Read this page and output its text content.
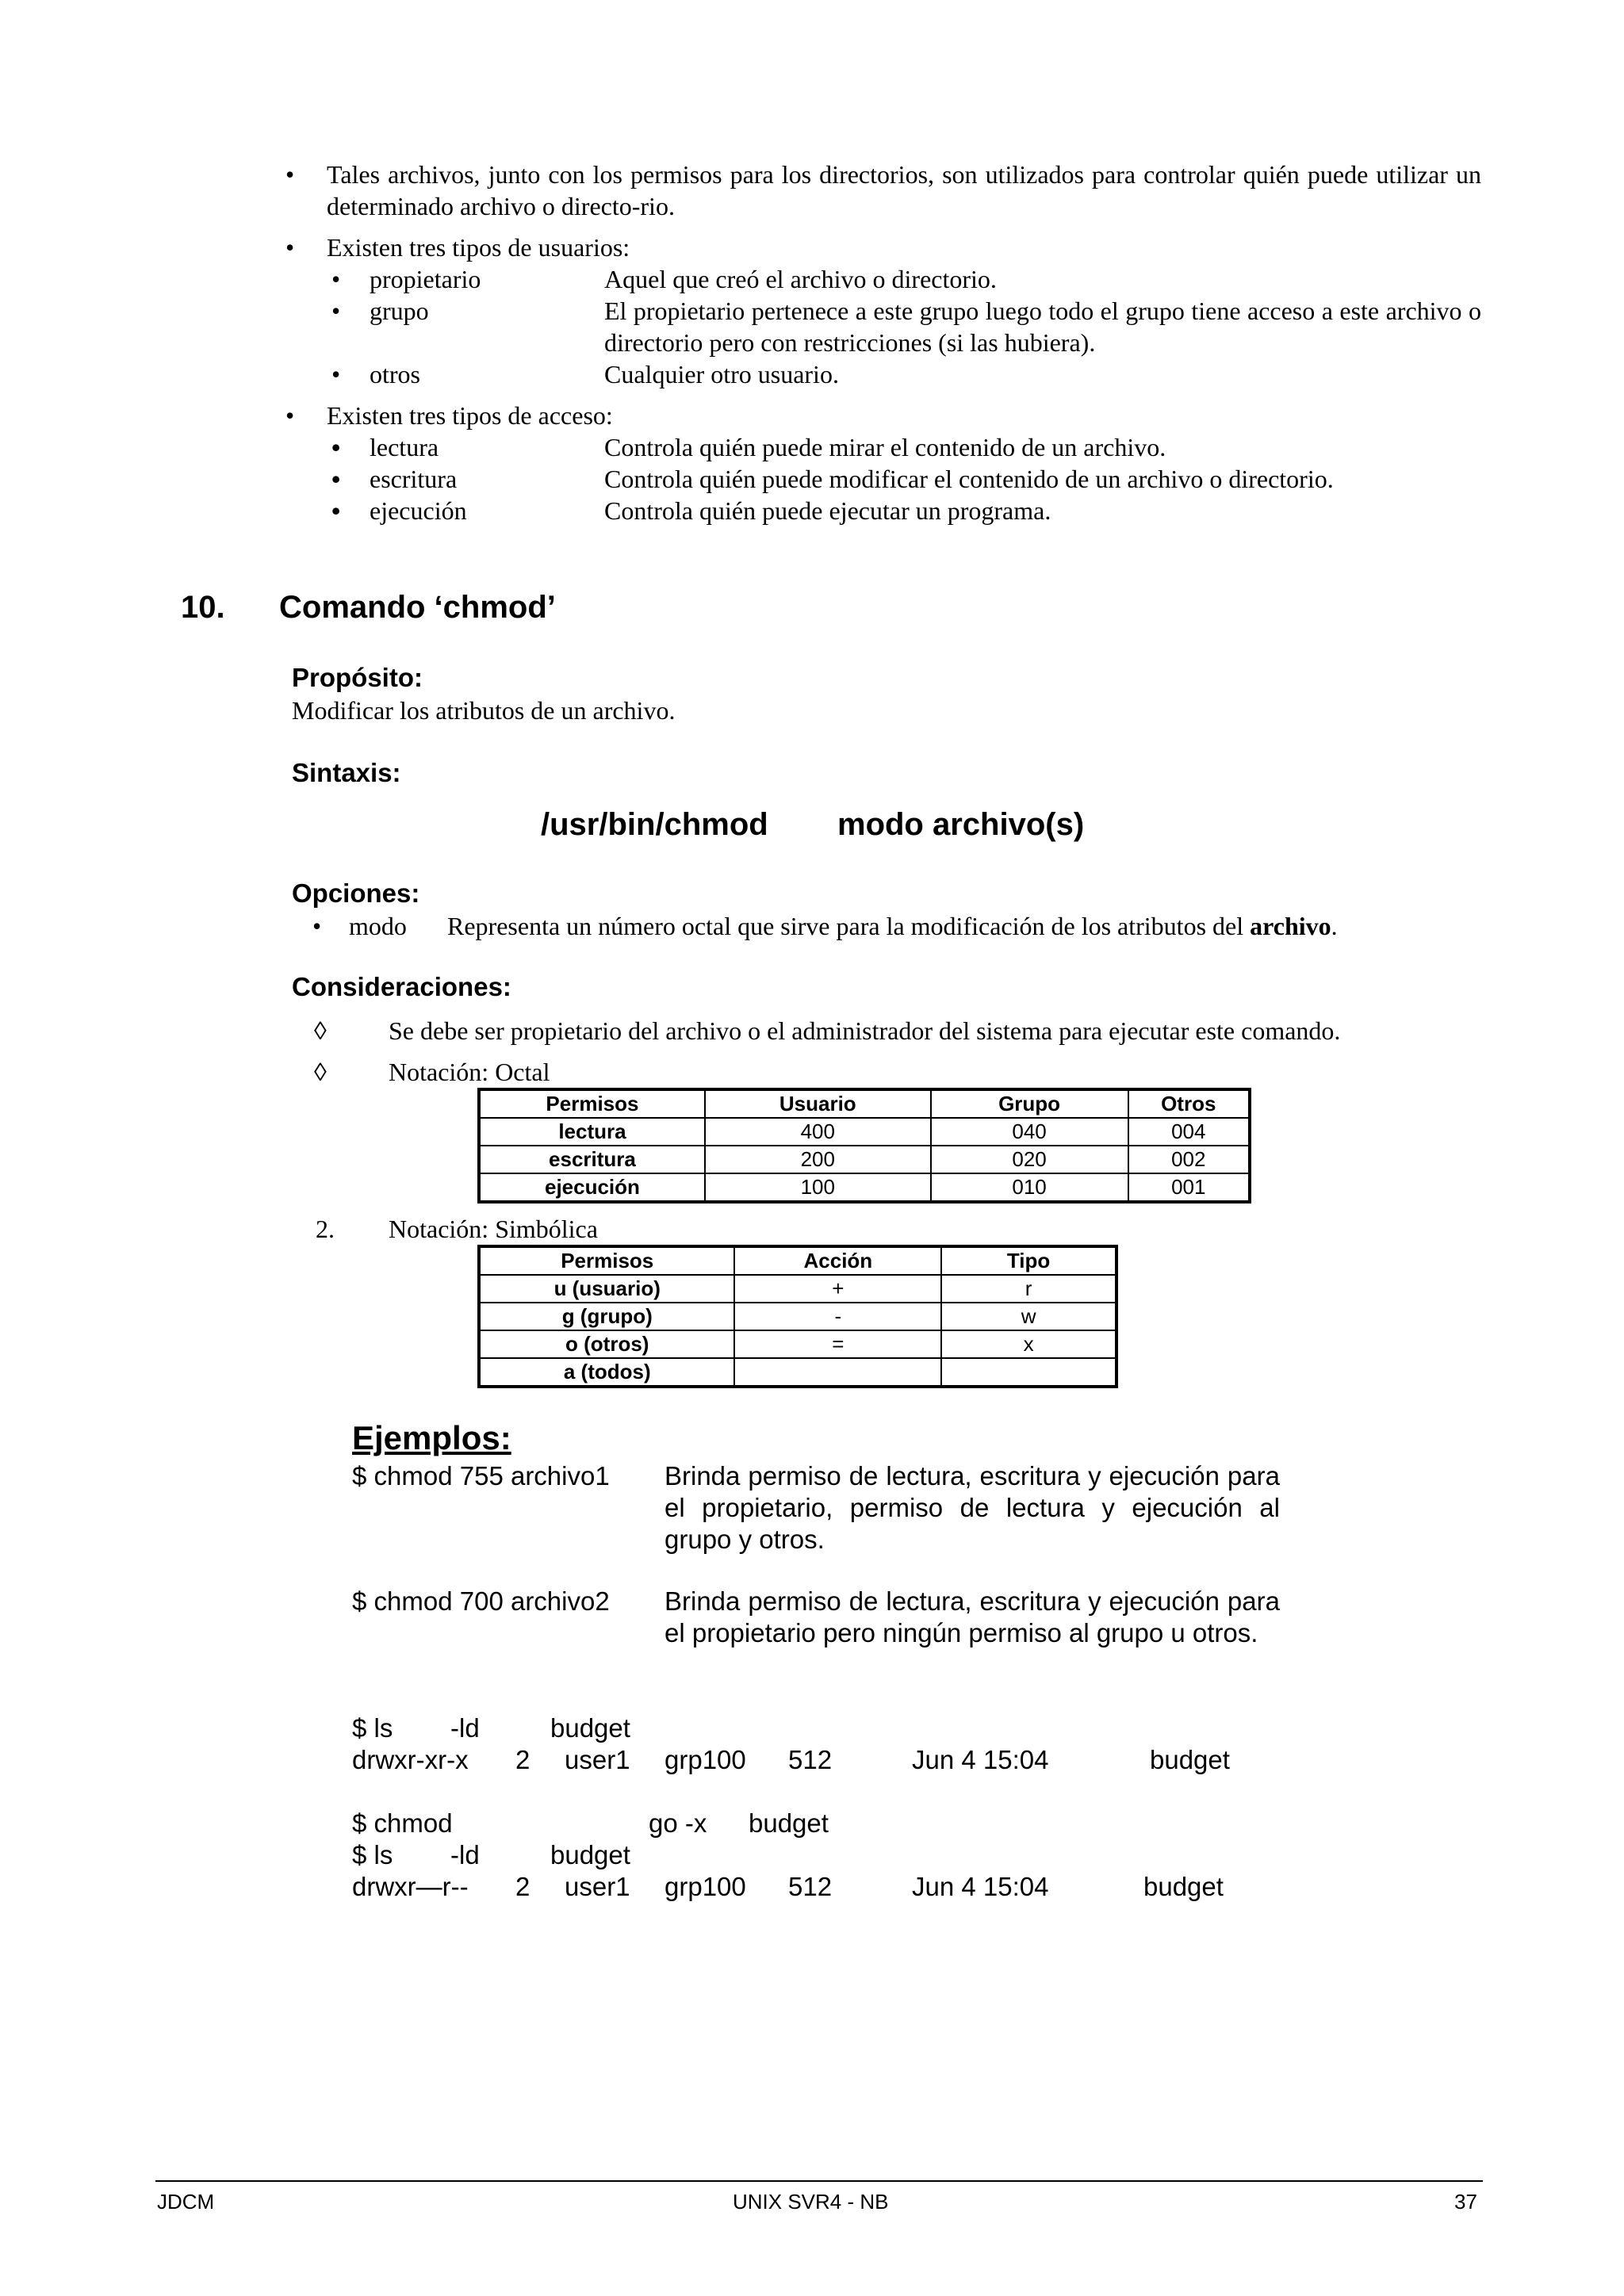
• Tales archivos, junto con los permisos para los directorios, son utilizados para controlar quién puede utilizar un determinado archivo o directo-rio.
• Existen tres tipos de usuarios:
• propietario	Aquel que creó el archivo o directorio.
• grupo	El propietario pertenece a este grupo luego todo el grupo tiene acceso a este archivo o directorio pero con restricciones (si las hubiera).
• otros	Cualquier otro usuario.
• Existen tres tipos de acceso:
• lectura	Controla quién puede mirar el contenido de un archivo.
• escritura	Controla quién puede modificar el contenido de un archivo o directorio.
• ejecución	Controla quién puede ejecutar un programa.
10. Comando ‘chmod’
Propósito:
Modificar los atributos de un archivo.
Sintaxis:
/usr/bin/chmod modo archivo(s)
Opciones:
• modo Representa un número octal que sirve para la modificación de los atributos del archivo.
Consideraciones:
◊ Se debe ser propietario del archivo o el administrador del sistema para ejecutar este comando.
◊ Notación: Octal
Permisos	Usuario	Grupo	Otros
lectura	400	040	004
escritura	200	020	002
ejecución	100	010	001
2. Notación: Simbólica
Permisos	Acción	Tipo
u (usuario)	+	r
g (grupo)	-	w
o (otros)	=	x
a (todos)		
Ejemplos:
$ chmod 755 archivo1 Brinda permiso de lectura, escritura y ejecución para el propietario, permiso de lectura y ejecución al grupo y otros.
$ chmod 700 archivo2 Brinda permiso de lectura, escritura y ejecución para el propietario pero ningún permiso al grupo u otros.
$ ls -ld	budget
drwxr-xr-x 2 user1 grp100 512	Jun 4 15:04	budget
$ chmod	go -x budget
$ ls -ld	budget
drwxr—r-- 2 user1 grp100 512	Jun 4 15:04	budget
JDCM	UNIX SVR4 - NB	37
